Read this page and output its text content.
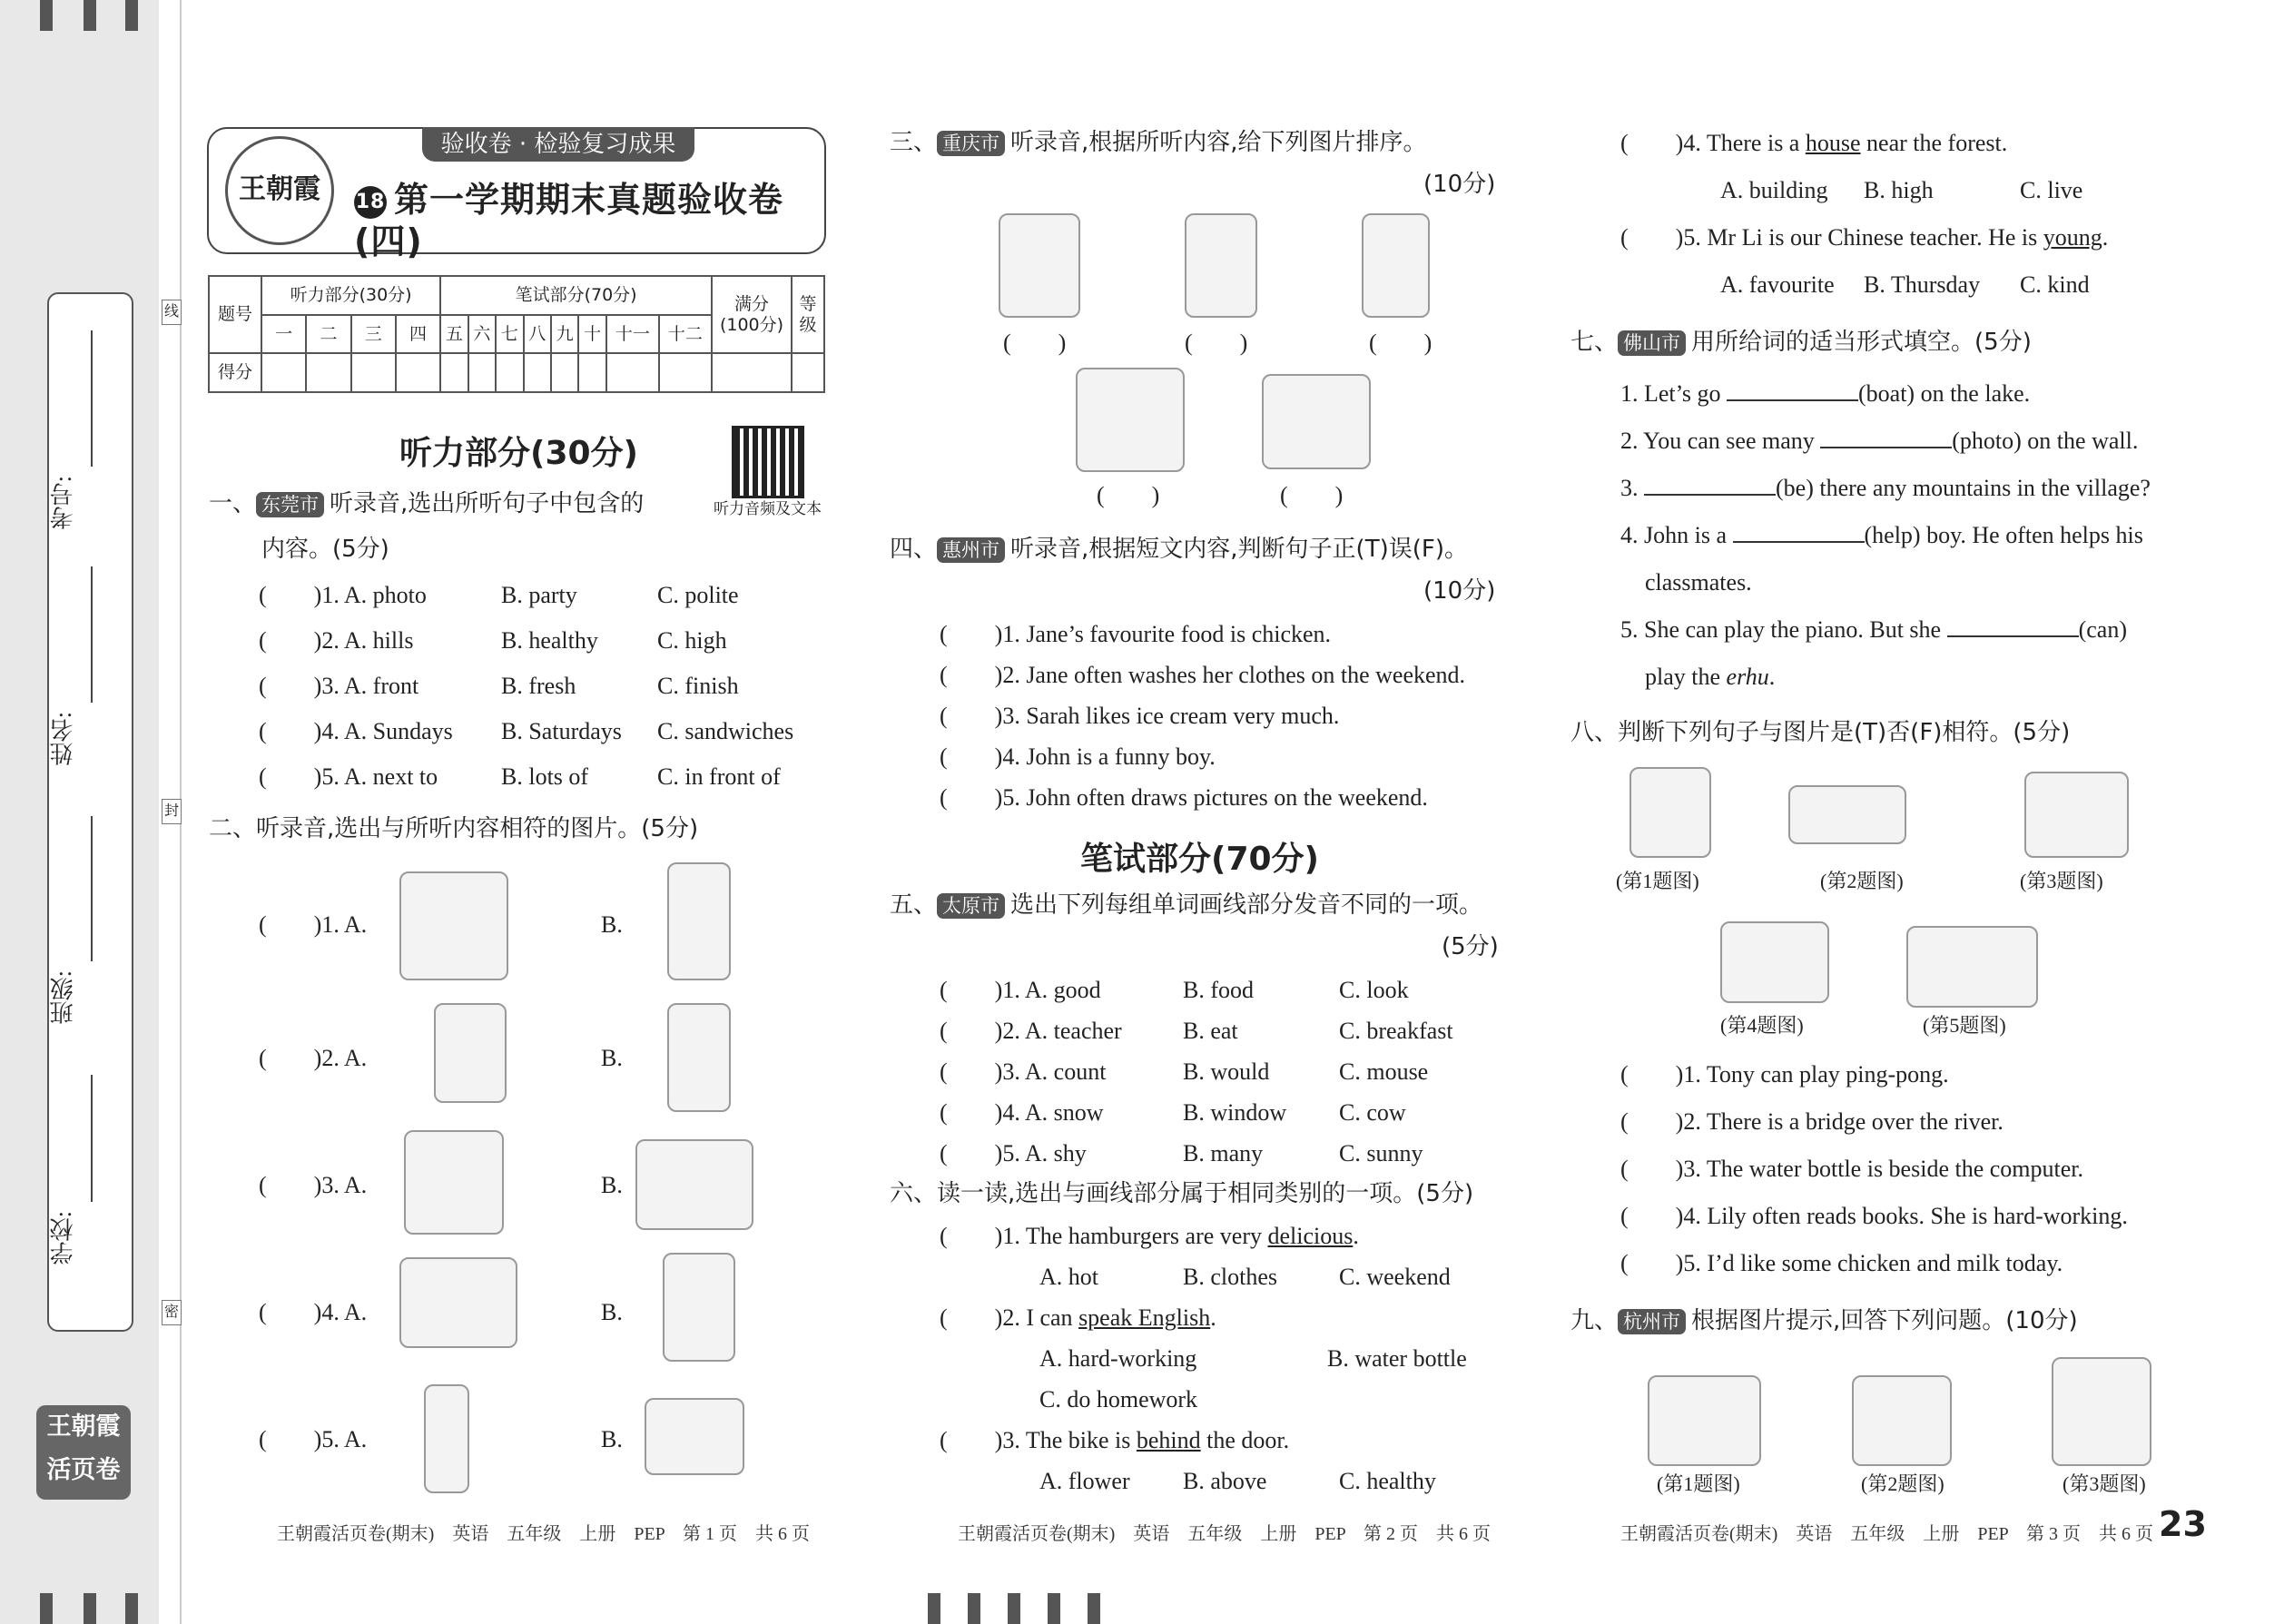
考号:
姓名:
班级:
学校:
线
封
密
王朝霞
活页卷
王朝霞
验收卷 · 检验复习成果
18 第一学期期末真题验收卷(四)
题号	听力部分(30分)				笔试部分(70分)								满分
(100分)	等级
	一	二	三	四	五	六	七	八	九	十	十一	十二		
得分														
听力部分(30分)
听力音频及文本
一、 东莞市 听录音,选出所听句子中包含的
内容。(5分)
(　　)1. A. photo	B. party	C. polite
(　　)2. A. hills	B. healthy	C. high
(　　)3. A. front	B. fresh	C. finish
(　　)4. A. Sundays B. Saturdays C. sandwiches
(　　)5. A. next to	B. lots of	C. in front of
二、听录音,选出与所听内容相符的图片。(5分)
(　　)1. A.	B.
(　　)2. A.	B.
(　　)3. A.	B.
(　　)4. A.	B.
(　　)5. A.	B.
王朝霞活页卷(期末)　英语　五年级　上册　PEP　第 1 页　共 6 页
三、 重庆市 听录音,根据所听内容,给下列图片排序。
(10分)
(　　)	(　　)	(　　)
(　　)	(　　)
四、 惠州市 听录音,根据短文内容,判断句子正(T)误(F)。
(10分)
(　　)1. Jane’s favourite food is chicken.
(　　)2. Jane often washes her clothes on the weekend.
(　　)3. Sarah likes ice cream very much.
(　　)4. John is a funny boy.
(　　)5. John often draws pictures on the weekend.
笔试部分(70分)
五、 太原市 选出下列每组单词画线部分发音不同的一项。
(5分)
(　　)1. A. good	B. food	C. look
(　　)2. A. teacher	B. eat	C. breakfast
(　　)3. A. count	B. would	C. mouse
(　　)4. A. snow	B. window C. cow
(　　)5. A. shy	B. many	C. sunny
六、读一读,选出与画线部分属于相同类别的一项。(5分)
(　　)1. The hamburgers are very delicious.
A. hot	B. clothes	C. weekend
(　　)2. I can speak English.
A. hard-working	B. water bottle
C. do homework
(　　)3. The bike is behind the door.
A. flower B. above	C. healthy
王朝霞活页卷(期末)　英语　五年级　上册　PEP　第 2 页　共 6 页
(　　)4. There is a house near the forest.
A. building B. high	C. live
(　　)5. Mr Li is our Chinese teacher. He is young.
A. favourite B. Thursday C. kind
七、 佛山市 用所给词的适当形式填空。(5分)
1. Let’s go	(boat) on the lake.
2. You can see many	(photo) on the wall.
3.	(be) there any mountains in the village?
4. John is a	(help) boy. He often helps his
classmates.
5. She can play the piano. But she	(can)
play the erhu.
八、判断下列句子与图片是(T)否(F)相符。(5分)
(第1题图)	(第2题图)	(第3题图)
(第4题图)	(第5题图)
(　　)1. Tony can play ping-pong.
(　　)2. There is a bridge over the river.
(　　)3. The water bottle is beside the computer.
(　　)4. Lily often reads books. She is hard-working.
(　　)5. I’d like some chicken and milk today.
九、 杭州市 根据图片提示,回答下列问题。(10分)
(第1题图)	(第2题图)	(第3题图)
王朝霞活页卷(期末)　英语　五年级　上册　PEP　第 3 页　共 6 页 23
